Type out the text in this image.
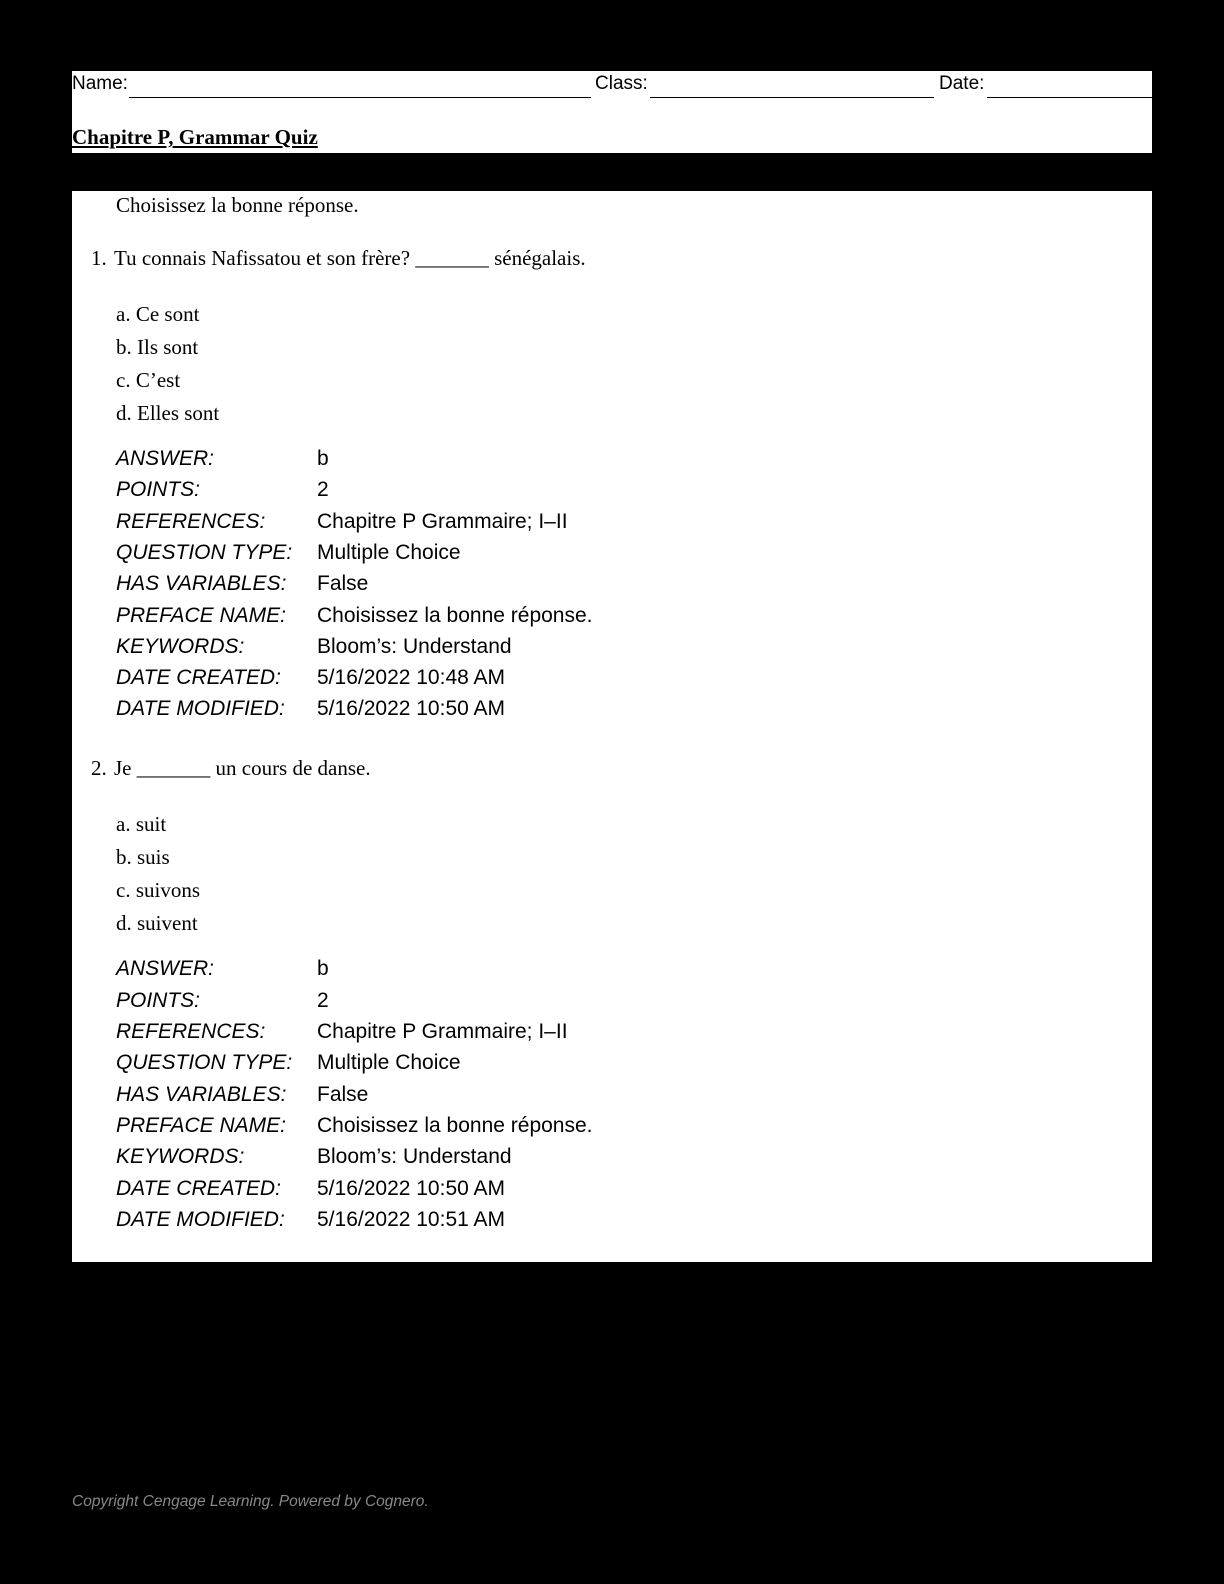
Name:	Class:	Date:
Chapitre P, Grammar Quiz
Choisissez la bonne réponse.
1. Tu connais Nafissatou et son frère? _______ sénégalais.
a. Ce sont
b. Ils sont
c. C’est
d. Elles sont
ANSWER:	b
POINTS:	2
REFERENCES: Chapitre P Grammaire; I–II
QUESTION TYPE: Multiple Choice
HAS VARIABLES: False
PREFACE NAME: Choisissez la bonne réponse.
KEYWORDS:	Bloom’s: Understand
DATE CREATED: 5/16/2022 10:48 AM
DATE MODIFIED: 5/16/2022 10:50 AM
2. Je _______ un cours de danse.
a. suit
b. suis
c. suivons
d. suivent
ANSWER:	b
POINTS:	2
REFERENCES: Chapitre P Grammaire; I–II
QUESTION TYPE: Multiple Choice
HAS VARIABLES: False
PREFACE NAME: Choisissez la bonne réponse.
KEYWORDS:	Bloom’s: Understand
DATE CREATED: 5/16/2022 10:50 AM
DATE MODIFIED: 5/16/2022 10:51 AM
Copyright Cengage Learning. Powered by Cognero.
